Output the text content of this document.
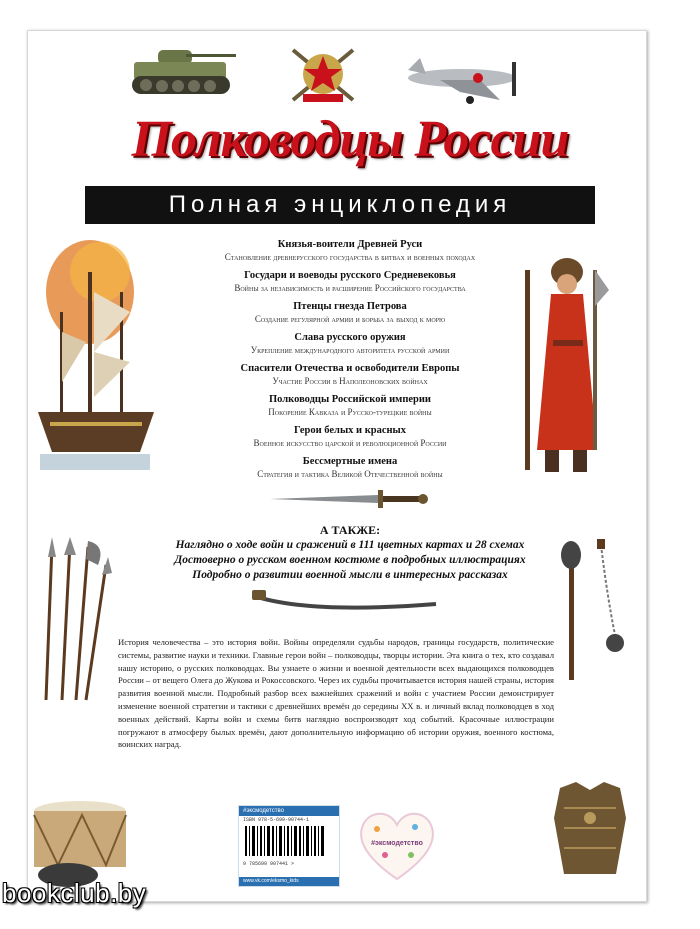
Полководцы России
Полная энциклопедия
Князья-воители Древней Руси
Становление древнерусского государства в битвах и военных походах
Государи и воеводы русского Средневековья
Войны за независимость и расширение Российского государства
Птенцы гнезда Петрова
Создание регулярной армии и борьба за выход к морю
Слава русского оружия
Укрепление международного авторитета русской армии
Спасители Отечества и освободители Европы
Участие России в Наполеоновских войнах
Полководцы Российской империи
Покорение Кавказа и Русско-турецкие войны
Герои белых и красных
Военное искусство царской и революционной России
Бессмертные имена
Стратегия и тактика Великой Отечественной войны
А ТАКЖЕ:
Наглядно о ходе войн и сражений в 111 цветных картах и 28 схемах
Достоверно о русском военном костюме в подробных иллюстрациях
Подробно о развитии военной мысли в интересных рассказах
История человечества – это история войн. Войны определяли судьбы народов, границы государств, политические системы, развитие науки и техники. Главные герои войн – полководцы, творцы истории. Эта книга о тех, кто создавал нашу историю, о русских полководцах. Вы узнаете о жизни и военной деятельности всех выдающихся полководцев России – от вещего Олега до Жукова и Рокоссовского. Через их судьбы прочитывается история нашей страны, история развития военной мысли. Подробный разбор всех важнейших сражений и войн с участием России демонстрирует изменение военной стратегии и тактики с древнейших времён до середины XX в. и личный вклад полководцев в ход военных действий. Карты войн и схемы битв наглядно воспроизводят ход событий. Красочные иллюстрации погружают в атмосферу былых времён, дают дополнительную информацию об истории оружия, военного костюма, воинских наград.
#эксмодетство
ISBN 978-5-699-90744-1
9 785699 907441 >
www.vk.com/eksmo_kids
#эксмодетство
bookclub.by
